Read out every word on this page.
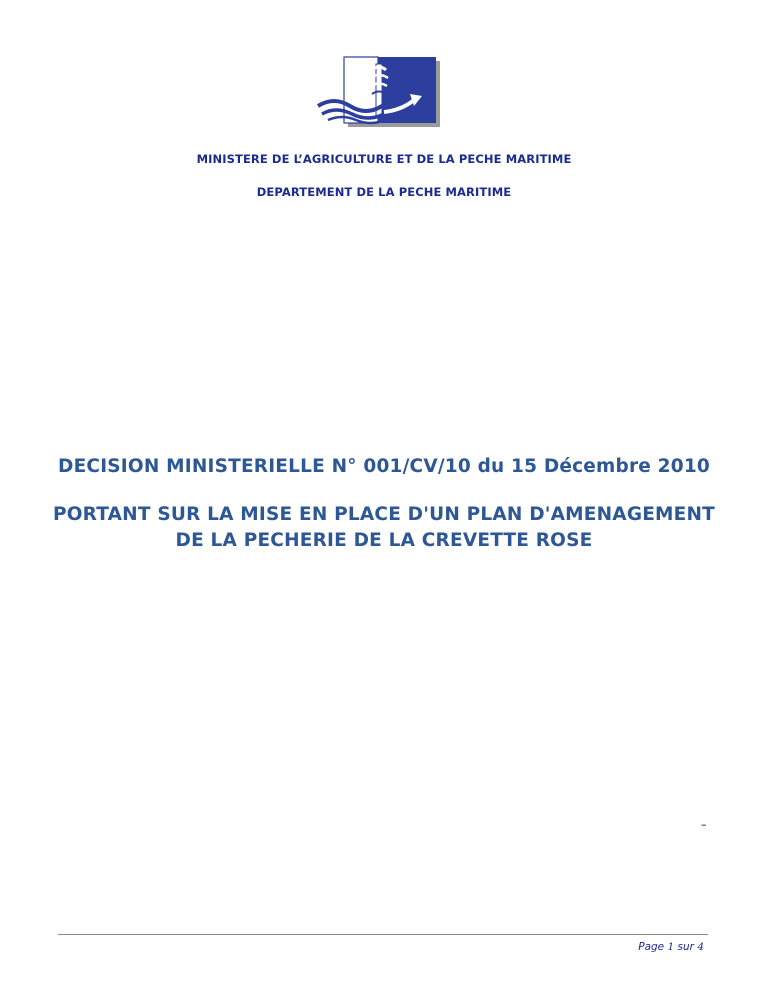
MINISTERE DE L’AGRICULTURE ET DE LA PECHE MARITIME
DEPARTEMENT DE LA PECHE MARITIME
DECISION MINISTERIELLE N° 001/CV/10 du 15 Décembre 2010
PORTANT SUR LA MISE EN PLACE D'UN PLAN D'AMENAGEMENT
DE LA PECHERIE DE LA CREVETTE ROSE
–
Page 1 sur 4
